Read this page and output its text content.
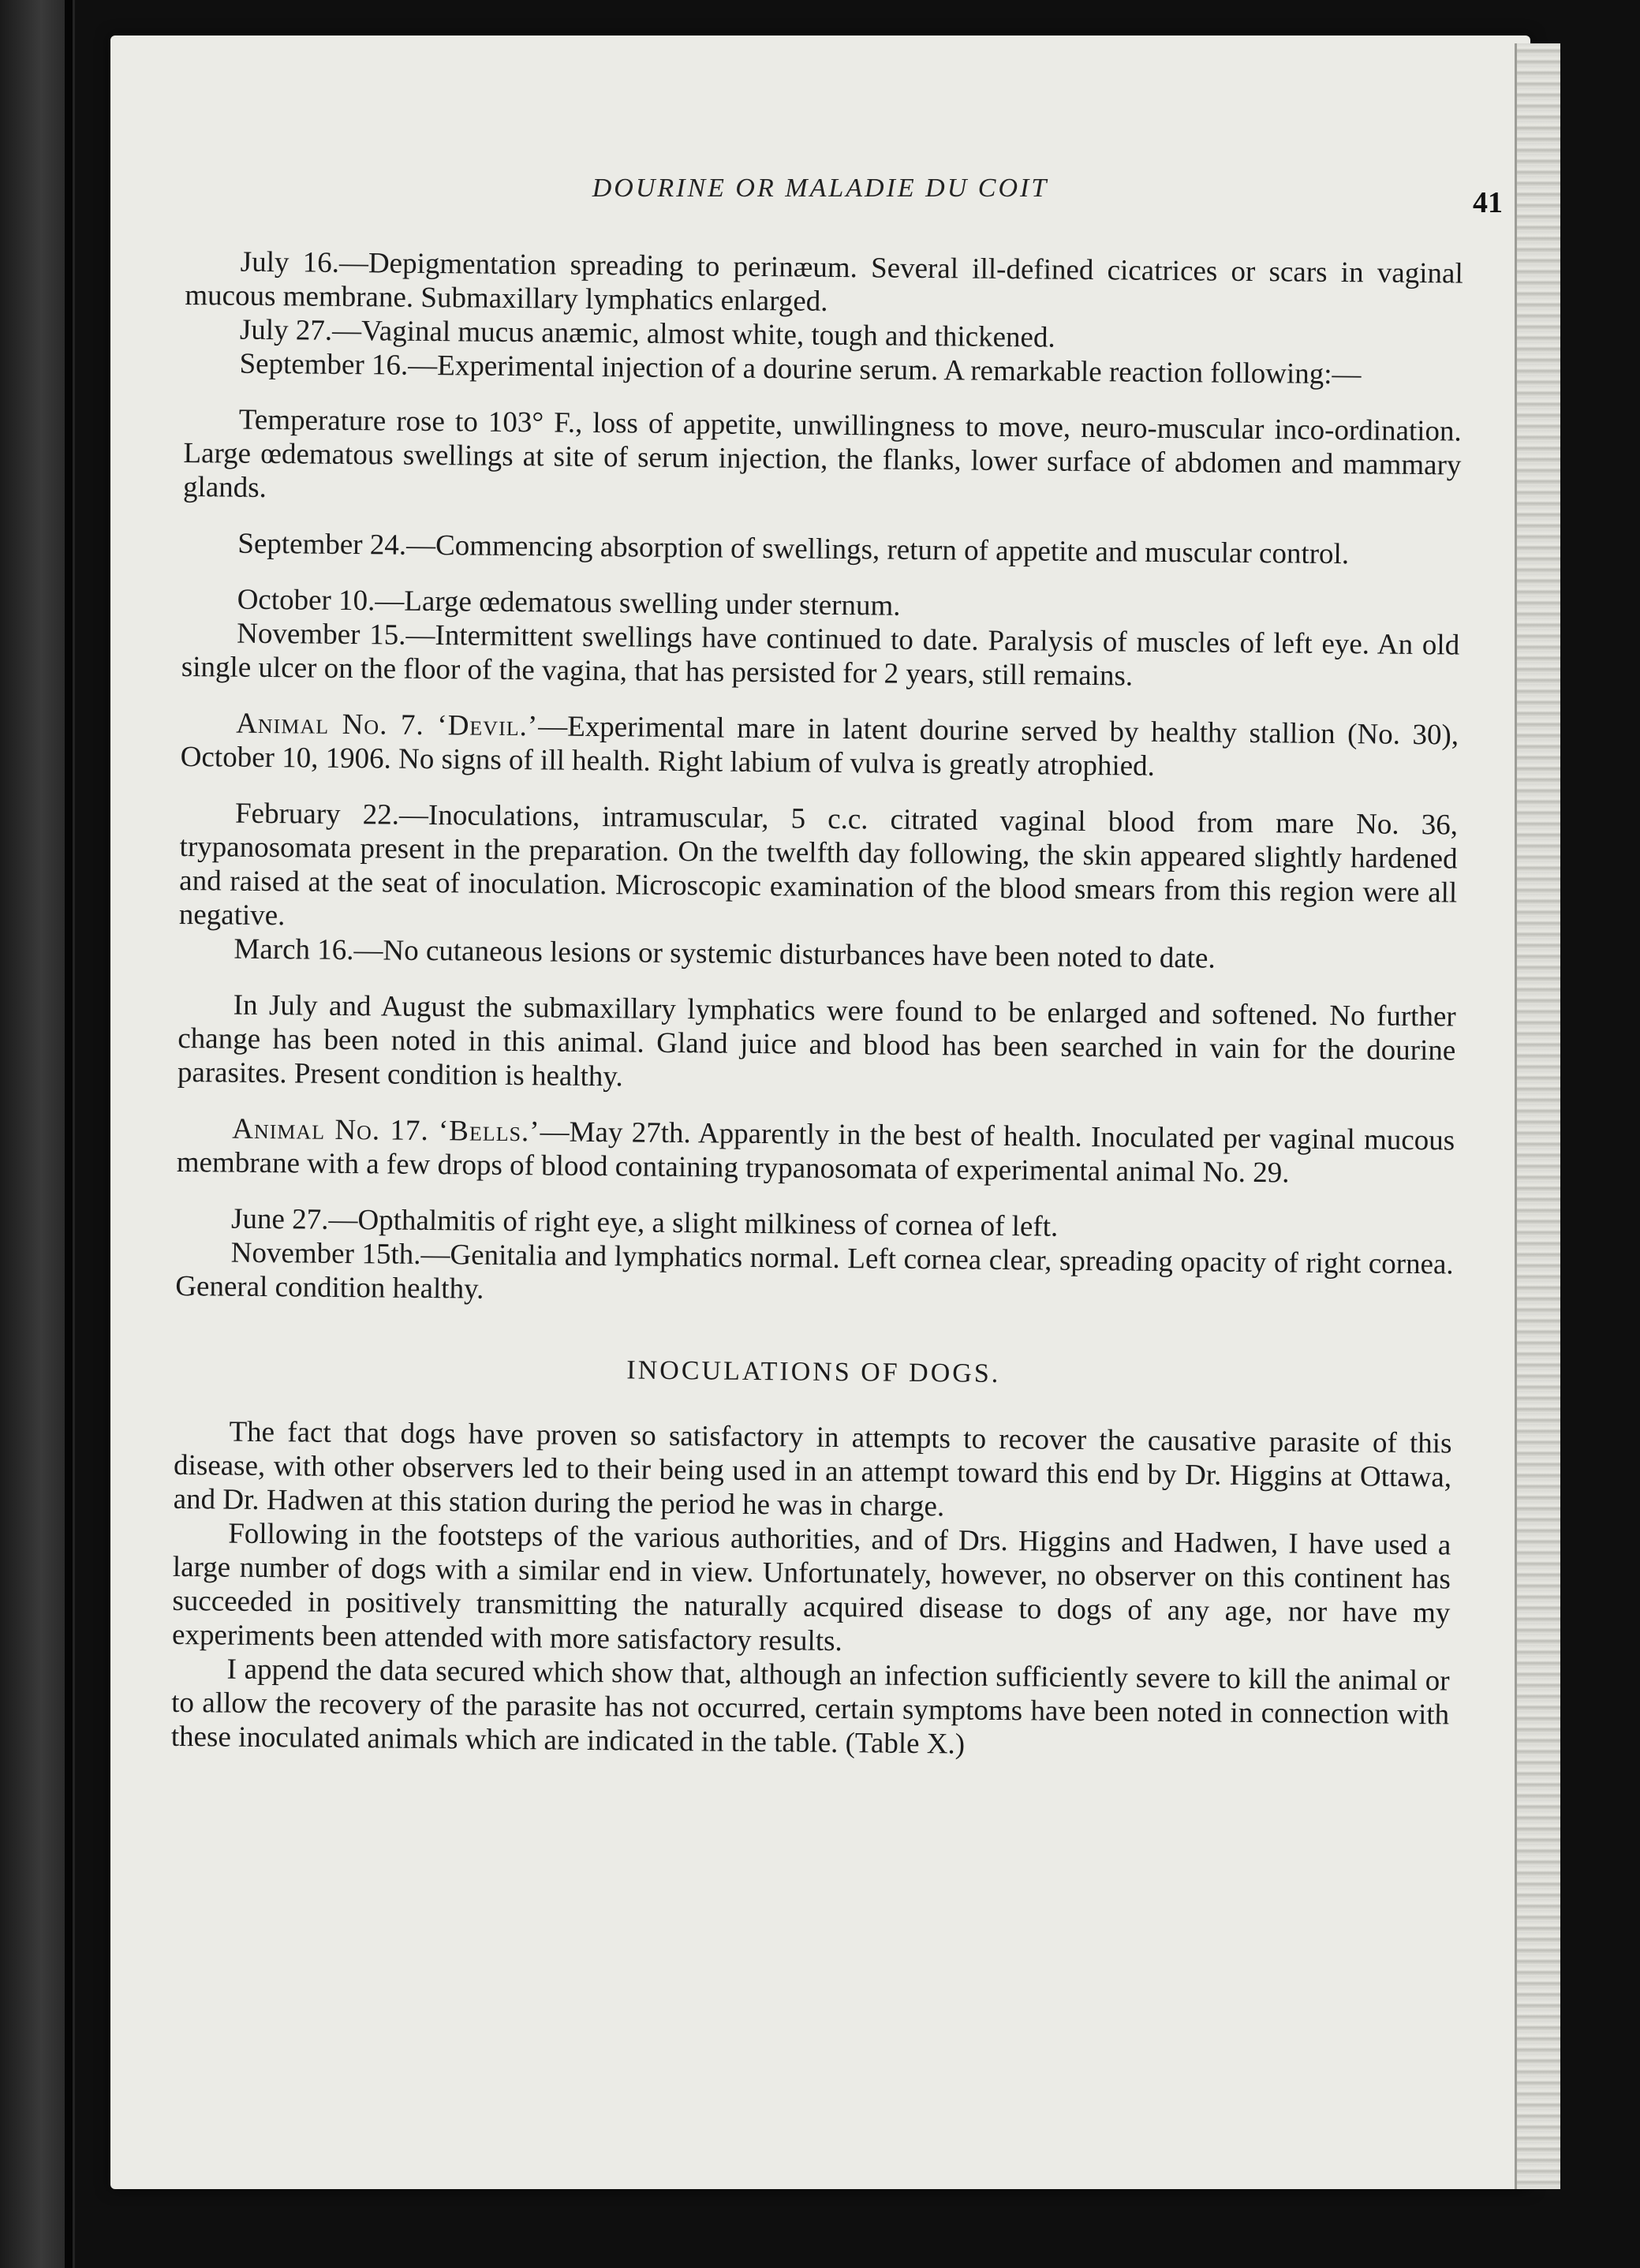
DOURINE OR MALADIE DU COIT	41

July 16.—Depigmentation spreading to perinæum. Several ill-defined cicatrices or scars in vaginal mucous membrane. Submaxillary lymphatics enlarged.

July 27.—Vaginal mucus anæmic, almost white, tough and thickened.

September 16.—Experimental injection of a dourine serum. A remarkable reaction following:—

Temperature rose to 103° F., loss of appetite, unwillingness to move, neuro-muscular inco-ordination. Large œdematous swellings at site of serum injection, the flanks, lower surface of abdomen and mammary glands.

September 24.—Commencing absorption of swellings, return of appetite and muscular control.

October 10.—Large œdematous swelling under sternum.

November 15.—Intermittent swellings have continued to date. Paralysis of muscles of left eye. An old single ulcer on the floor of the vagina, that has persisted for 2 years, still remains.

Animal No. 7. ‘Devil.’—Experimental mare in latent dourine served by healthy stallion (No. 30), October 10, 1906. No signs of ill health. Right labium of vulva is greatly atrophied.

February 22.—Inoculations, intramuscular, 5 c.c. citrated vaginal blood from mare No. 36, trypanosomata present in the preparation. On the twelfth day following, the skin appeared slightly hardened and raised at the seat of inoculation. Microscopic examination of the blood smears from this region were all negative.

March 16.—No cutaneous lesions or systemic disturbances have been noted to date.

In July and August the submaxillary lymphatics were found to be enlarged and softened. No further change has been noted in this animal. Gland juice and blood has been searched in vain for the dourine parasites. Present condition is healthy.

Animal No. 17. ‘Bells.’—May 27th. Apparently in the best of health. Inoculated per vaginal mucous membrane with a few drops of blood containing trypanosomata of experimental animal No. 29.

June 27.—Opthalmitis of right eye, a slight milkiness of cornea of left.

November 15th.—Genitalia and lymphatics normal. Left cornea clear, spreading opacity of right cornea. General condition healthy.

INOCULATIONS OF DOGS.

The fact that dogs have proven so satisfactory in attempts to recover the causative parasite of this disease, with other observers led to their being used in an attempt toward this end by Dr. Higgins at Ottawa, and Dr. Hadwen at this station during the period he was in charge.

Following in the footsteps of the various authorities, and of Drs. Higgins and Hadwen, I have used a large number of dogs with a similar end in view. Unfortunately, however, no observer on this continent has succeeded in positively transmitting the naturally acquired disease to dogs of any age, nor have my experiments been attended with more satisfactory results.

I append the data secured which show that, although an infection sufficiently severe to kill the animal or to allow the recovery of the parasite has not occurred, certain symptoms have been noted in connection with these inoculated animals which are indicated in the table. (Table X.)
